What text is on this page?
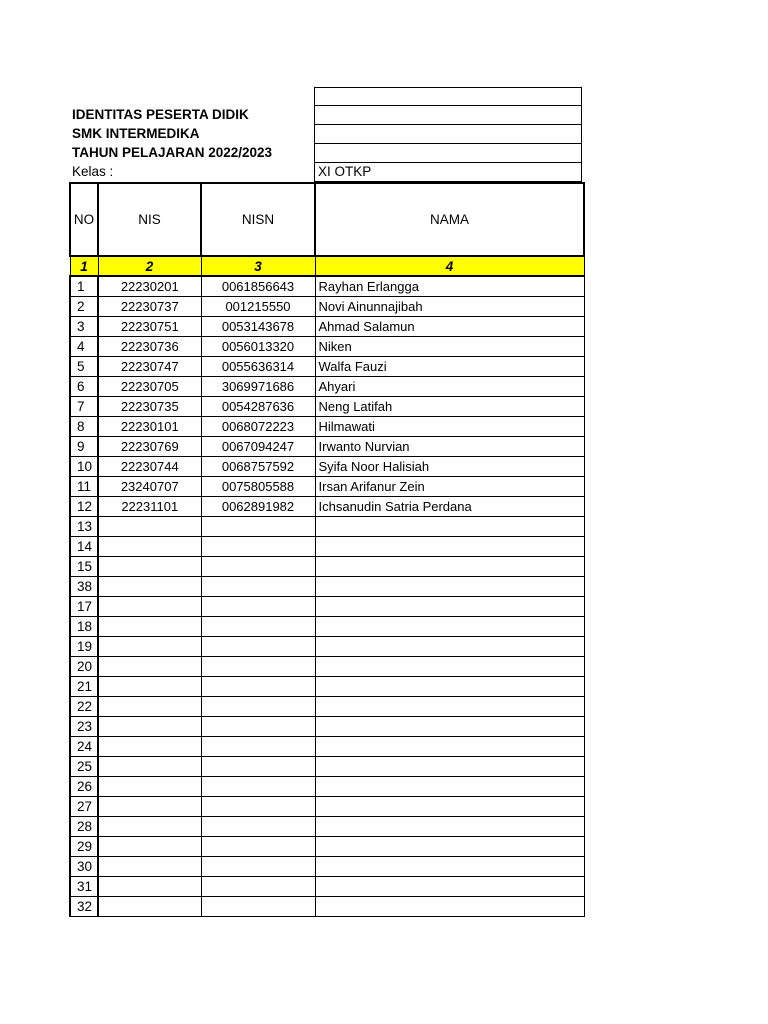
IDENTITAS PESERTA DIDIK
SMK INTERMEDIKA
TAHUN PELAJARAN 2022/2023
Kelas :	XI OTKP
NO	NIS	NISN	NAMA
1	2	3	4
1	22230201	0061856643	Rayhan Erlangga
2	22230737	001215550	Novi Ainunnajibah
3	22230751	0053143678	Ahmad Salamun
4	22230736	0056013320	Niken
5	22230747	0055636314	Walfa Fauzi
6	22230705	3069971686	Ahyari
7	22230735	0054287636	Neng Latifah
8	22230101	0068072223	Hilmawati
9	22230769	0067094247	Irwanto Nurvian
10	22230744	0068757592	Syifa Noor Halisiah
11	23240707	0075805588	Irsan Arifanur Zein
12	22231101	0062891982	Ichsanudin Satria Perdana
13			
14			
15			
38			
17			
18			
19			
20			
21			
22			
23			
24			
25			
26			
27			
28			
29			
30			
31			
32			
